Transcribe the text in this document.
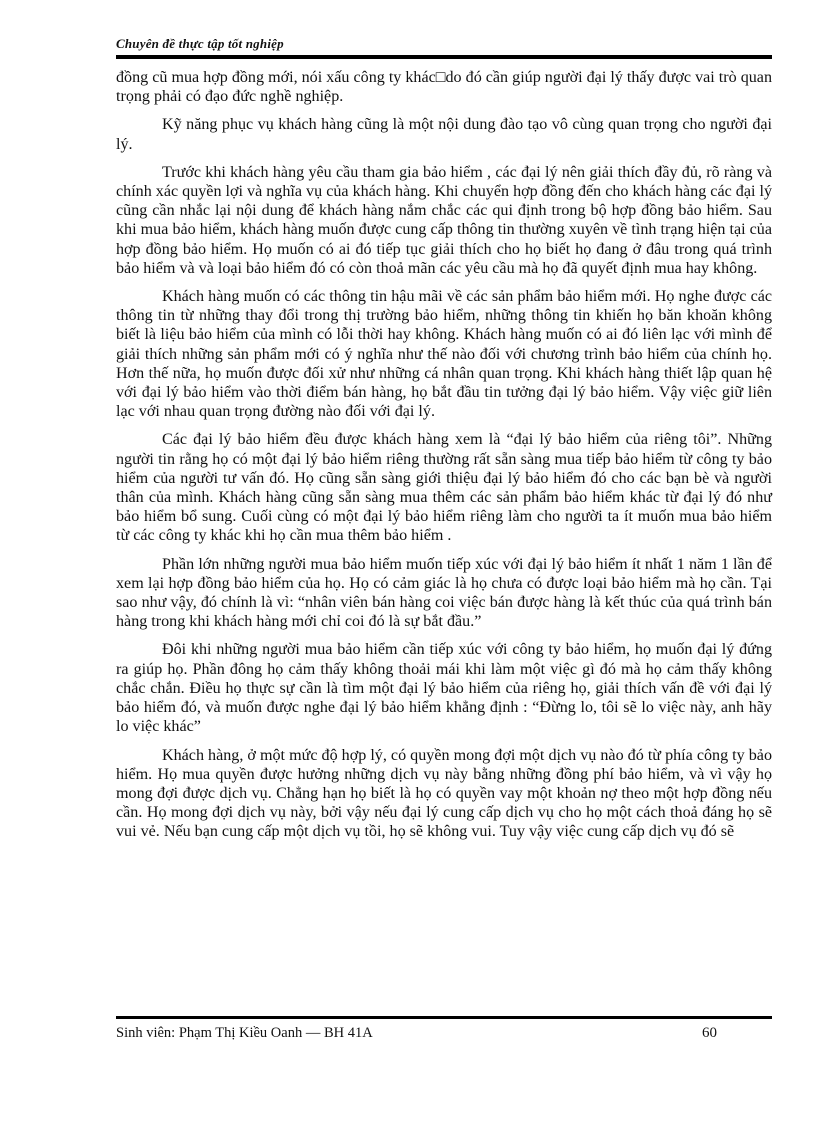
Chuyên đề thực tập tốt nghiệp

đồng cũ mua hợp đồng mới, nói xấu công ty khác□do đó cần giúp người đại lý thấy được vai trò quan trọng phải có đạo đức nghề nghiệp.

Kỹ năng phục vụ khách hàng cũng là một nội dung đào tạo vô cùng quan trọng cho người đại lý.

Trước khi khách hàng yêu cầu tham gia bảo hiểm , các đại lý nên giải thích đầy đủ, rõ ràng và chính xác quyền lợi và nghĩa vụ của khách hàng. Khi chuyển hợp đồng đến cho khách hàng các đại lý cũng cần nhắc lại nội dung để khách hàng nắm chắc các qui định trong bộ hợp đồng bảo hiểm. Sau khi mua bảo hiểm, khách hàng muốn được cung cấp thông tin thường xuyên về tình trạng hiện tại của hợp đồng bảo hiểm. Họ muốn có ai đó tiếp tục giải thích cho họ biết họ đang ở đâu trong quá trình bảo hiểm và và loại bảo hiểm đó có còn thoả mãn các yêu cầu mà họ đã quyết định mua hay không.

Khách hàng muốn có các thông tin hậu mãi về các sản phẩm bảo hiểm mới. Họ nghe được các thông tin từ những thay đổi trong thị trường bảo hiểm, những thông tin khiến họ băn khoăn không biết là liệu bảo hiểm của mình có lỗi thời hay không. Khách hàng muốn có ai đó liên lạc với mình để giải thích những sản phẩm mới có ý nghĩa như thế nào đối với chương trình bảo hiểm của chính họ. Hơn thế nữa, họ muốn được đối xử như những cá nhân quan trọng. Khi khách hàng thiết lập quan hệ với đại lý bảo hiểm vào thời điểm bán hàng, họ bắt đầu tin tưởng đại lý bảo hiểm. Vậy việc giữ liên lạc với nhau quan trọng đường nào đối với đại lý.

Các đại lý bảo hiểm đều được khách hàng xem là “đại lý bảo hiểm của riêng tôi”. Những người tin rằng họ có một đại lý bảo hiểm riêng thường rất sẵn sàng mua tiếp bảo hiểm từ công ty bảo hiểm của người tư vấn đó. Họ cũng sẵn sàng giới thiệu đại lý bảo hiểm đó cho các bạn bè và người thân của mình. Khách hàng cũng sẵn sàng mua thêm các sản phẩm bảo hiểm khác từ đại lý đó như bảo hiểm bổ sung. Cuối cùng có một đại lý bảo hiểm riêng làm cho người ta ít muốn mua bảo hiểm từ các công ty khác khi họ cần mua thêm bảo hiểm .

Phần lớn những người mua bảo hiểm muốn tiếp xúc với đại lý bảo hiểm ít nhất 1 năm 1 lần để xem lại hợp đồng bảo hiểm của họ. Họ có cảm giác là họ chưa có được loại bảo hiểm mà họ cần. Tại sao như vậy, đó chính là vì: “nhân viên bán hàng coi việc bán được hàng là kết thúc của quá trình bán hàng trong khi khách hàng mới chỉ coi đó là sự bắt đầu.”

Đôi khi những người mua bảo hiểm cần tiếp xúc với công ty bảo hiểm, họ muốn đại lý đứng ra giúp họ. Phần đông họ cảm thấy không thoải mái khi làm một việc gì đó mà họ cảm thấy không chắc chắn. Điều họ thực sự cần là tìm một đại lý bảo hiểm của riêng họ, giải thích vấn đề với đại lý bảo hiểm đó, và muốn được nghe đại lý bảo hiểm khẳng định : “Đừng lo, tôi sẽ lo việc này, anh hãy lo việc khác”

Khách hàng, ở một mức độ hợp lý, có quyền mong đợi một dịch vụ nào đó từ phía công ty bảo hiểm. Họ mua quyền được hưởng những dịch vụ này bằng những đồng phí bảo hiểm, và vì vậy họ mong đợi được dịch vụ. Chẳng hạn họ biết là họ có quyền vay một khoản nợ theo một hợp đồng nếu cần. Họ mong đợi dịch vụ này, bởi vậy nếu đại lý cung cấp dịch vụ cho họ một cách thoả đáng họ sẽ vui vẻ. Nếu bạn cung cấp một dịch vụ tồi, họ sẽ không vui. Tuy vậy việc cung cấp dịch vụ đó sẽ

Sinh viên: Phạm Thị Kiều Oanh — BH 41A	60
